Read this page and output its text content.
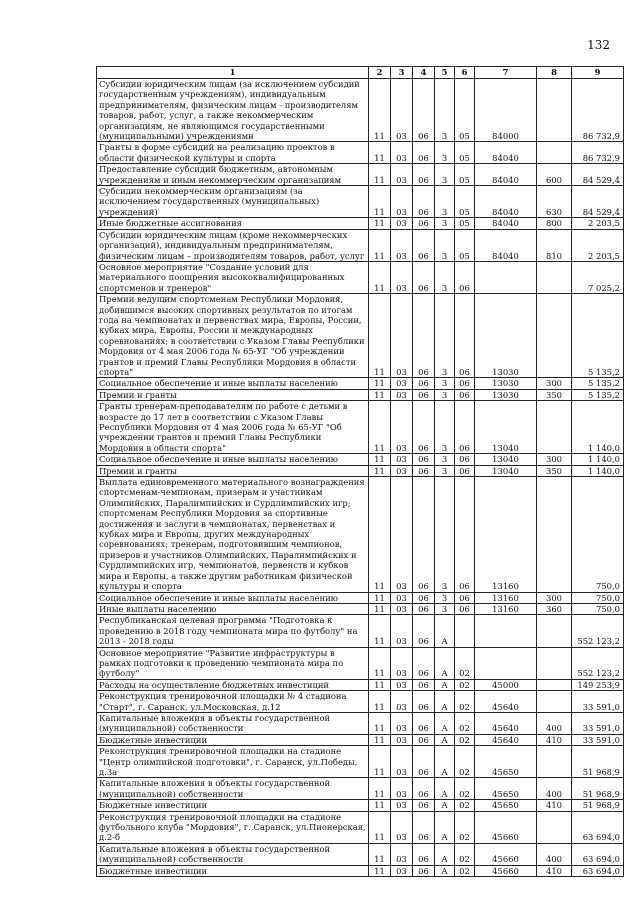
132
1	2	3	4	5	6	7	8	9
Субсидии юридическим лицам (за исключением субсидий государственным учреждениям), индивидуальным предпринимателям, физическим лицам - производителям товаров, работ, услуг, а также некоммерческим организациям, не являющимся государственными (муниципальными) учреждениями	11	03	06	3	05	84000		86 732,9
Гранты в форме субсидий на реализацию проектов в области физической культуры и спорта	11	03	06	3	05	84040		86 732,9
Предоставление субсидий бюджетным, автономным учреждениям и иным некоммерческим организациям	11	03	06	3	05	84040	600	84 529,4
Субсидии некоммерческим организациям (за исключением государственных (муниципальных) учреждений)	11	03	06	3	05	84040	630	84 529,4
Иные бюджетные ассигнования	11	03	06	3	05	84040	800	2 203,5
Субсидии юридическим лицам (кроме некоммерческих организаций), индивидуальным предпринимателям, физическим лицам – производителям товаров, работ, услуг	11	03	06	3	05	84040	810	2 203,5
Основное мероприятие "Создание условий для материального поощрения высококвалифицированных спортсменов и тренеров"	11	03	06	3	06			7 025,2
Премии ведущим спортсменам Республики Мордовия, добившимся высоких спортивных результатов по итогам года на чемпионатах и первенствах мира, Европы, России, кубках мира, Европы, России и международных соревнованиях; в соответствии с Указом Главы Республики Мордовия от 4 мая 2006 года № 65-УГ "Об учреждении грантов и премий Главы Республики Мордовия в области спорта"	11	03	06	3	06	13030		5 135,2
Социальное обеспечение и иные выплаты населению	11	03	06	3	06	13030	300	5 135,2
Премии и гранты	11	03	06	3	06	13030	350	5 135,2
Гранты тренерам-преподавателям по работе с детьми в возрасте до 17 лет в соответствии с Указом Главы Республики Мордовия от 4 мая 2006 года № 65-УГ "Об учреждении грантов и премий Главы Республики Мордовия в области спорта"	11	03	06	3	06	13040		1 140,0
Социальное обеспечение и иные выплаты населению	11	03	06	3	06	13040	300	1 140,0
Премии и гранты	11	03	06	3	06	13040	350	1 140,0
Выплата единовременного материального вознаграждения спортсменам-чемпионам, призерам и участникам Олимпийских, Паралимпийских и Сурдлимпийских игр; спортсменам Республики Мордовия за спортивные достижения и заслуги в чемпионатах, первенствах и кубках мира и Европы, других международных соревнованиях; тренерам, подготовившим чемпионов, призеров и участников Олимпийских, Паралимпийских и Сурдлимпийских игр, чемпионатов, первенств и кубков мира и Европы, а также другим работникам физической культуры и спорта	11	03	06	3	06	13160		750,0
Социальное обеспечение и иные выплаты населению	11	03	06	3	06	13160	300	750,0
Иные выплаты населению	11	03	06	3	06	13160	360	750,0
Республиканская целевая программа "Подготовка к проведению в 2018 году чемпионата мира по футболу" на 2013 - 2018 годы	11	03	06	А				552 123,2
Основное мероприятие "Развитие инфраструктуры в рамках подготовки к проведению чемпионата мира по футболу"	11	03	06	А	02			552 123,2
Расходы на осуществление бюджетных инвестиций	11	03	06	А	02	45000		149 253,9
Реконструкция тренировочной площадки № 4 стадиона "Старт", г. Саранск, ул.Московская, д.12	11	03	06	А	02	45640		33 591,0
Капитальные вложения в объекты государственной (муниципальной) собственности	11	03	06	А	02	45640	400	33 591,0
Бюджетные инвестиции	11	03	06	А	02	45640	410	33 591,0
Реконструкция тренировочной площадки на стадионе "Центр олимпийской подготовки", г. Саранск, ул.Победы, д.3а	11	03	06	А	02	45650		51 968,9
Капитальные вложения в объекты государственной (муниципальной) собственности	11	03	06	А	02	45650	400	51 968,9
Бюджетные инвестиции	11	03	06	А	02	45650	410	51 968,9
Реконструкция тренировочной площадки на стадионе футбольного клуба "Мордовия", г. Саранск, ул.Пионерская, д.2-б	11	03	06	А	02	45660		63 694,0
Капитальные вложения в объекты государственной (муниципальной) собственности	11	03	06	А	02	45660	400	63 694,0
Бюджетные инвестиции	11	03	06	А	02	45660	410	63 694,0
